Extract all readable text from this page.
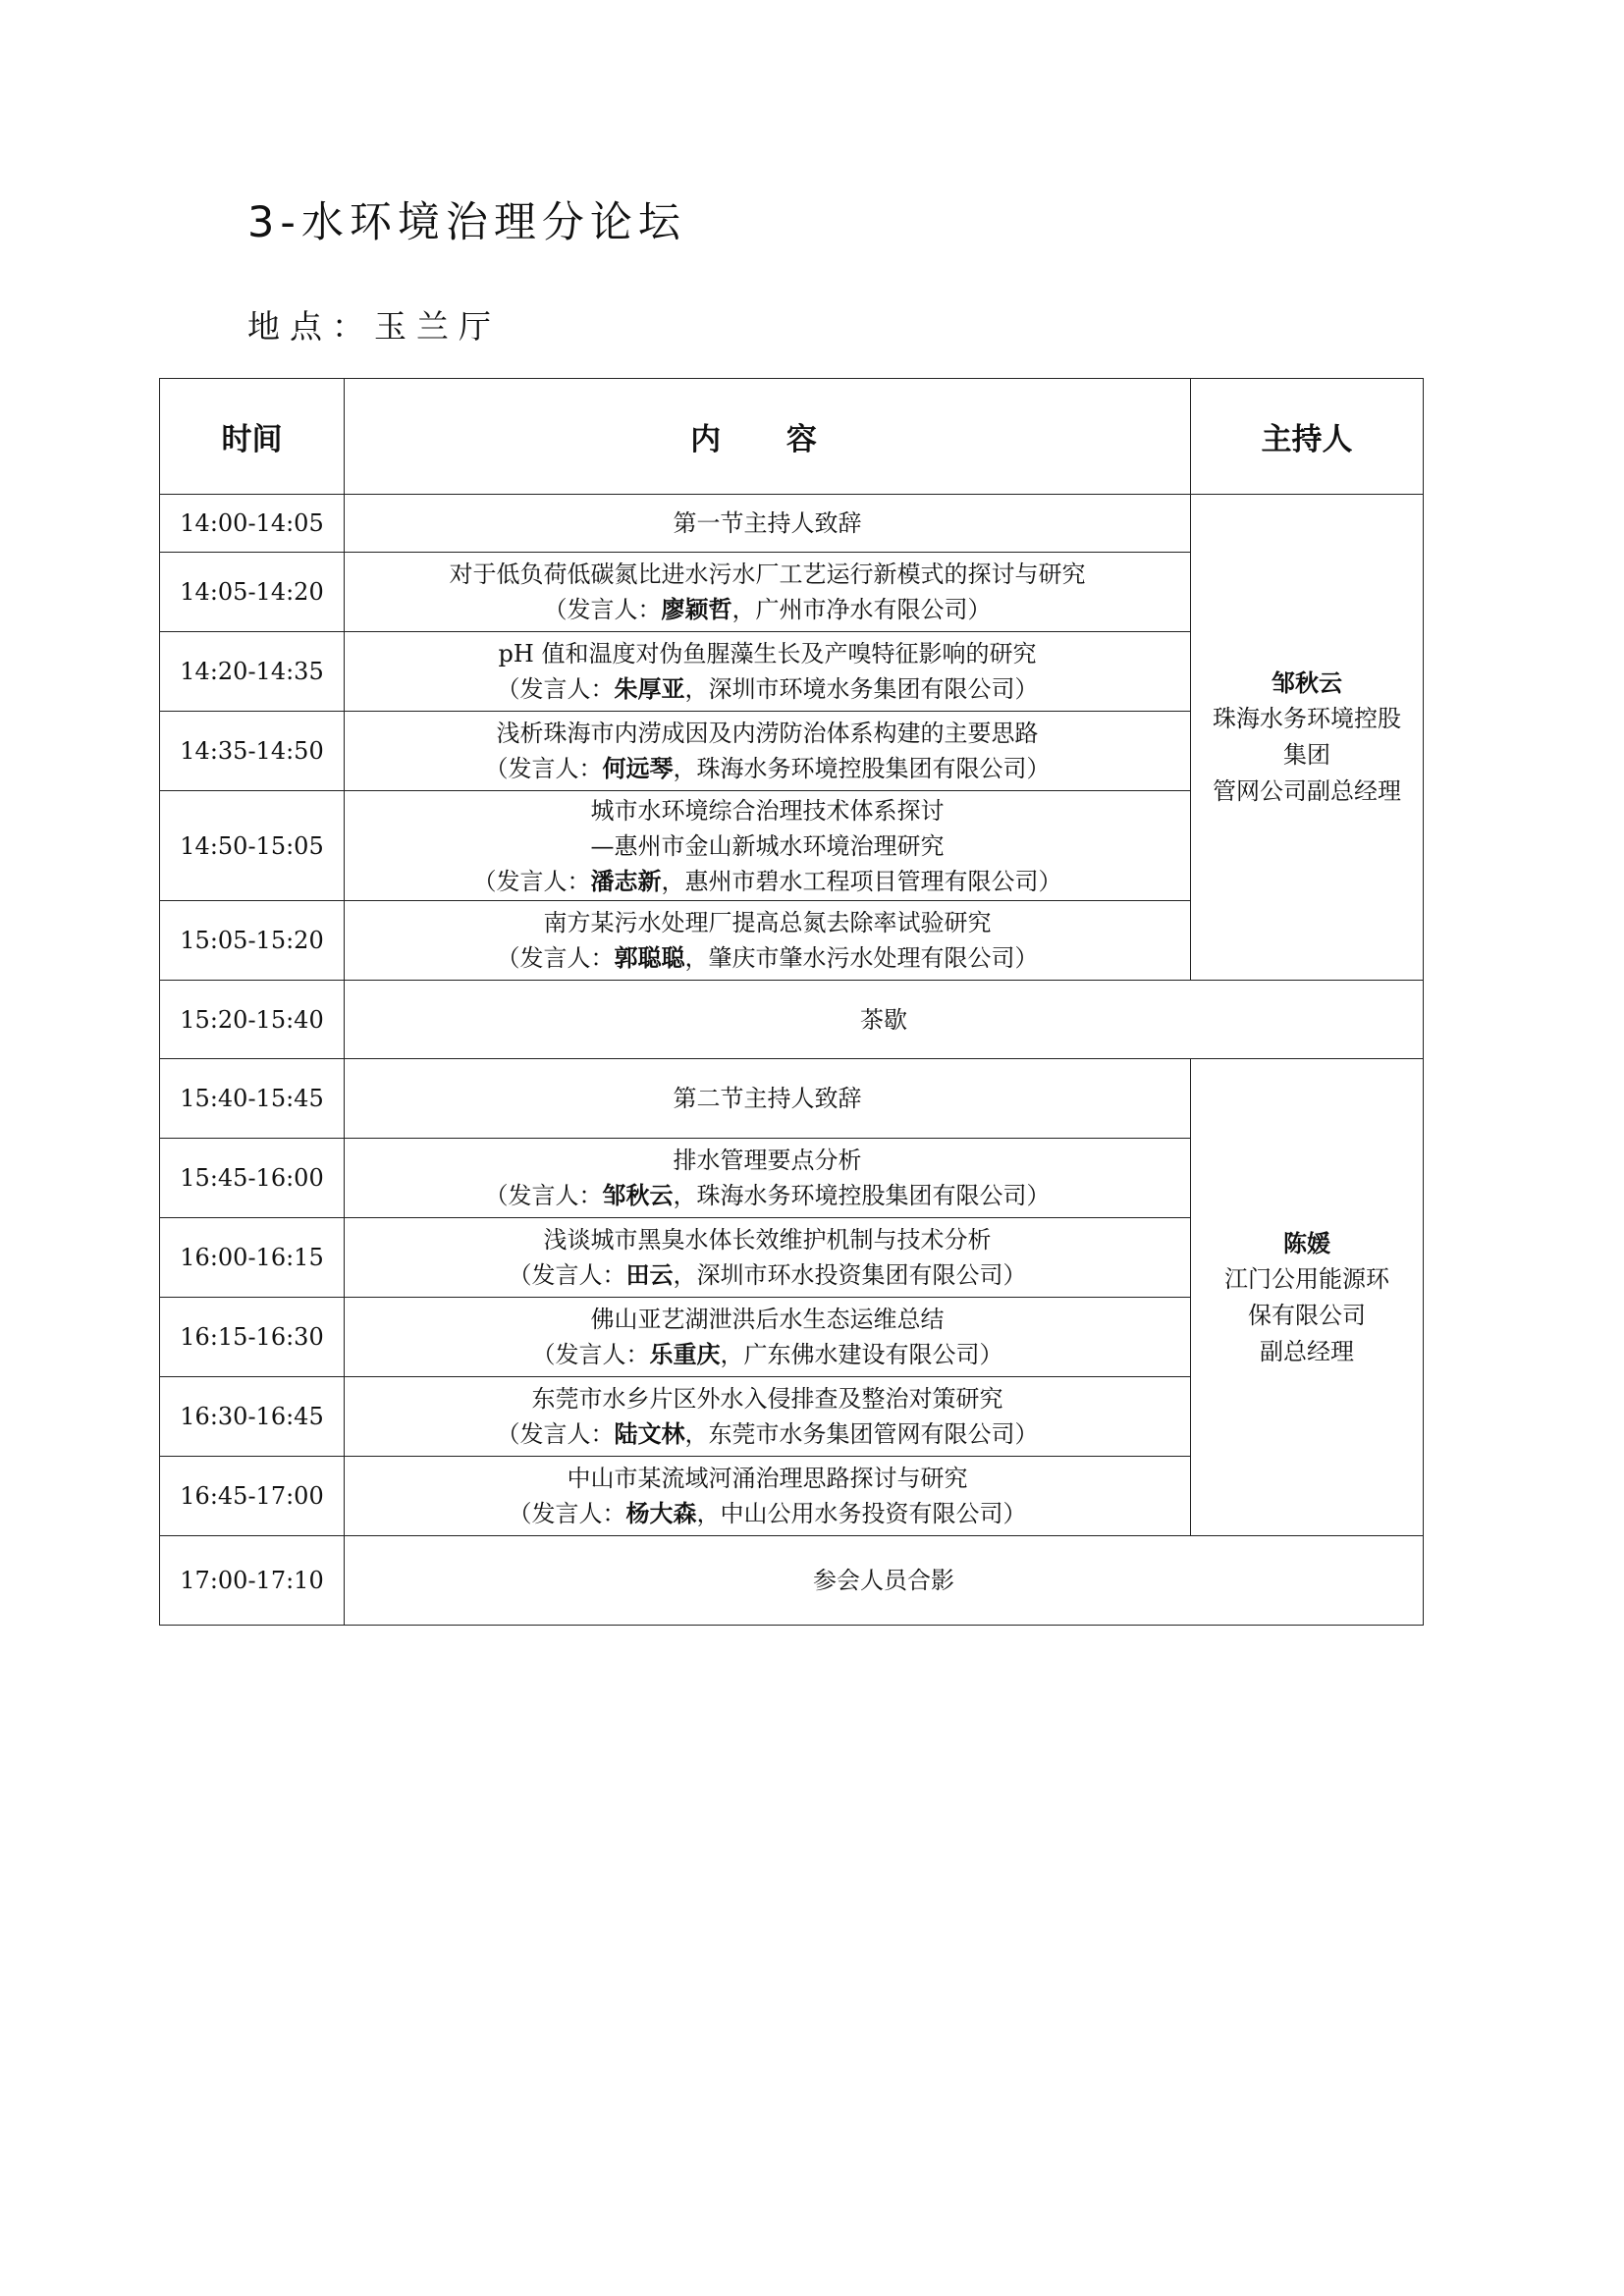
3-水环境治理分论坛
地点：玉兰厅
时间	内 容	主持人
14:00-14:05	第一节主持人致辞	邹秋云
珠海水务环境控股
集团
管网公司副总经理

14:05-14:20	对于低负荷低碳氮比进水污水厂工艺运行新模式的探讨与研究
（发言人：廖颖哲，广州市净水有限公司）	

14:20-14:35	pH 值和温度对伪鱼腥藻生长及产嗅特征影响的研究
（发言人：朱厚亚，深圳市环境水务集团有限公司）	

14:35-14:50	浅析珠海市内涝成因及内涝防治体系构建的主要思路
（发言人：何远琴，珠海水务环境控股集团有限公司）	

14:50-15:05	城市水环境综合治理技术体系探讨
—惠州市金山新城水环境治理研究
（发言人：潘志新，惠州市碧水工程项目管理有限公司）	

15:05-15:20	南方某污水处理厂提高总氮去除率试验研究
（发言人：郭聪聪，肇庆市肇水污水处理有限公司）	

15:20-15:40	茶歇	
15:40-15:45	第二节主持人致辞	陈媛
江门公用能源环
保有限公司
副总经理

15:45-16:00	排水管理要点分析
（发言人：邹秋云，珠海水务环境控股集团有限公司）	

16:00-16:15	浅谈城市黑臭水体长效维护机制与技术分析
（发言人：田云，深圳市环水投资集团有限公司）	

16:15-16:30	佛山亚艺湖泄洪后水生态运维总结
（发言人：乐重庆，广东佛水建设有限公司）	

16:30-16:45	东莞市水乡片区外水入侵排查及整治对策研究
（发言人：陆文林，东莞市水务集团管网有限公司）	

16:45-17:00	中山市某流域河涌治理思路探讨与研究
（发言人：杨大森，中山公用水务投资有限公司）	

17:00-17:10	参会人员合影	
